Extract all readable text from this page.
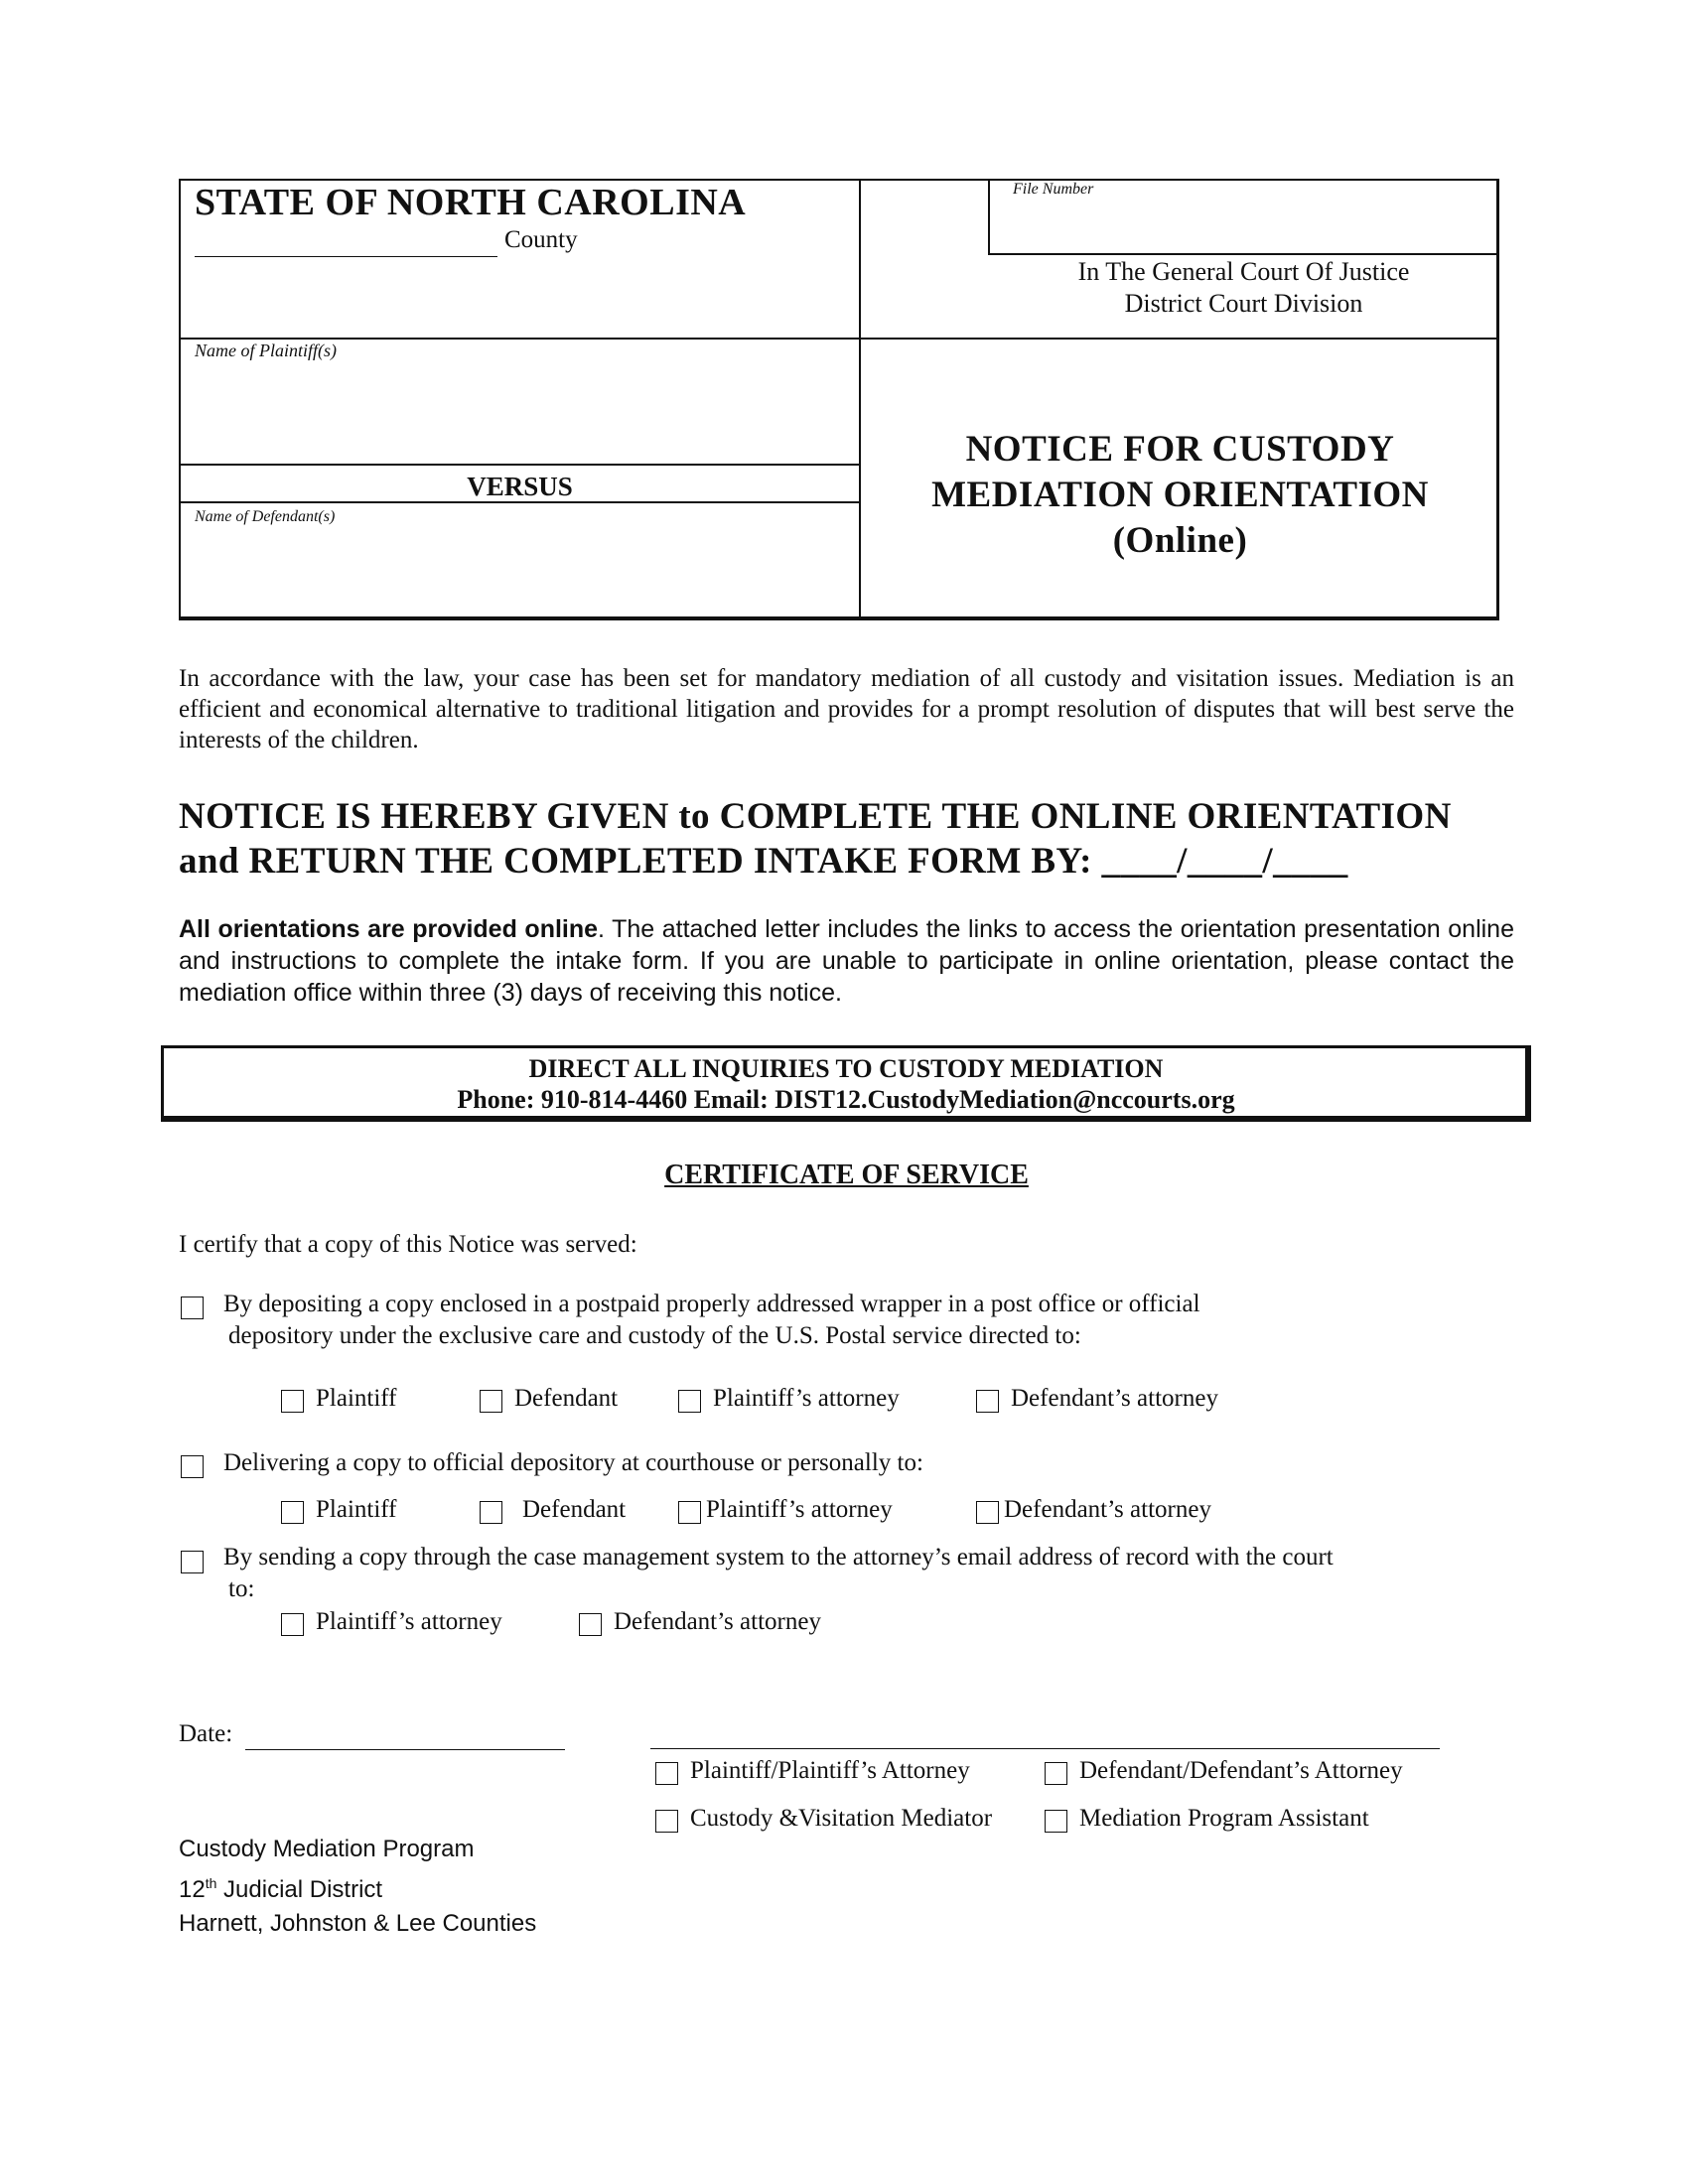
STATE OF NORTH CAROLINA
County
File Number
In The General Court Of Justice
District Court Division
Name of Plaintiff(s)
VERSUS
Name of Defendant(s)
NOTICE FOR CUSTODY
MEDIATION ORIENTATION
(Online)
In accordance with the law, your case has been set for mandatory mediation of all custody and visitation issues. Mediation is an efficient and economical alternative to traditional litigation and provides for a prompt resolution of disputes that will best serve the interests of the children.
NOTICE IS HEREBY GIVEN to COMPLETE THE ONLINE ORIENTATION
and RETURN THE COMPLETED INTAKE FORM BY: ____/____/____
All orientations are provided online. The attached letter includes the links to access the orientation presentation online and instructions to complete the intake form. If you are unable to participate in online orientation, please contact the mediation office within three (3) days of receiving this notice.
DIRECT ALL INQUIRIES TO CUSTODY MEDIATION
Phone: 910-814-4460 Email: DIST12.CustodyMediation@nccourts.org
CERTIFICATE OF SERVICE
I certify that a copy of this Notice was served:
By depositing a copy enclosed in a postpaid properly addressed wrapper in a post office or official
depository under the exclusive care and custody of the U.S. Postal service directed to:
Plaintiff	Defendant	Plaintiff’s attorney	Defendant’s attorney
Delivering a copy to official depository at courthouse or personally to:
Plaintiff	Defendant	Plaintiff’s attorney	Defendant’s attorney
By sending a copy through the case management system to the attorney’s email address of record with the court
to:
Plaintiff’s attorney	Defendant’s attorney
Date:
Plaintiff/Plaintiff’s Attorney	Defendant/Defendant’s Attorney
Custody &Visitation Mediator	Mediation Program Assistant
Custody Mediation Program
12th Judicial District
Harnett, Johnston & Lee Counties
